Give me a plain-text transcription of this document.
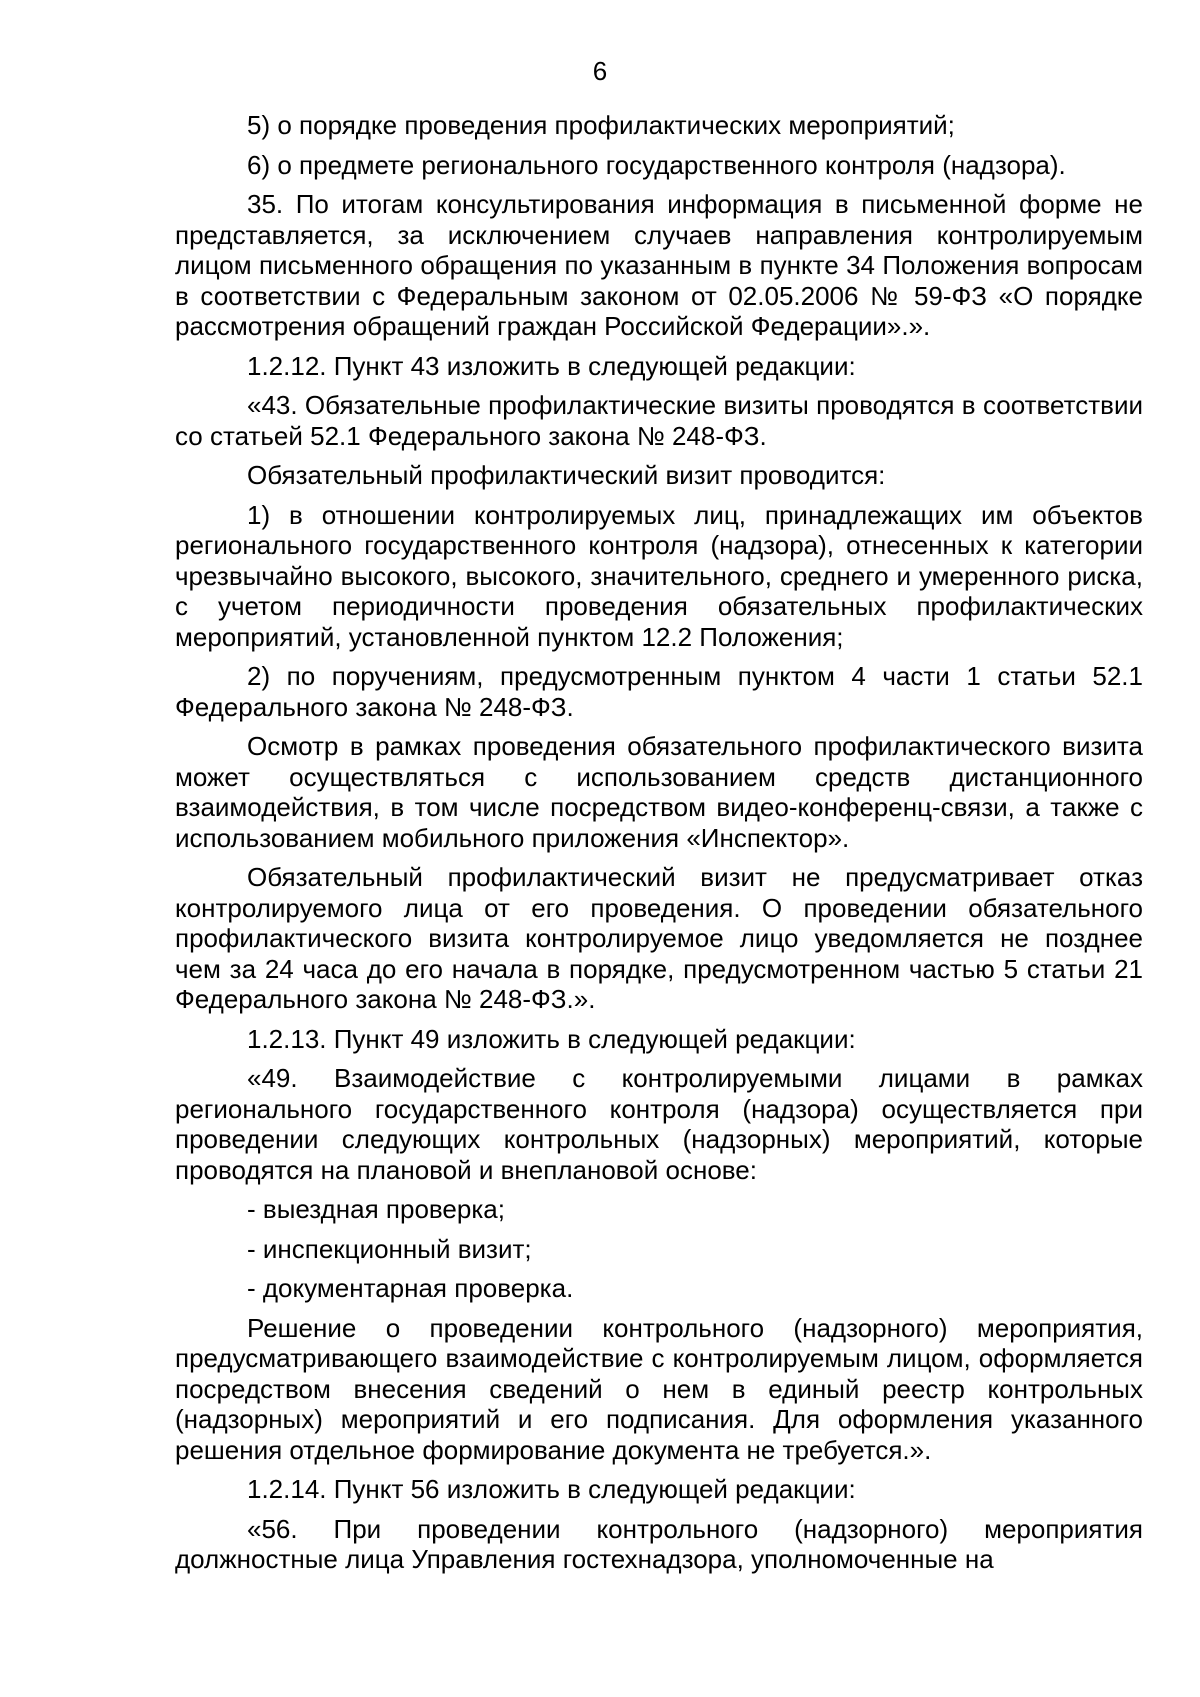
6

5) о порядке проведения профилактических мероприятий;

6) о предмете регионального государственного контроля (надзора).

35. По итогам консультирования информация в письменной форме не представляется, за исключением случаев направления контролируемым лицом письменного обращения по указанным в пункте 34 Положения вопросам в соответствии с Федеральным законом от 02.05.2006 № 59-ФЗ «О порядке рассмотрения обращений граждан Российской Федерации».».

1.2.12. Пункт 43 изложить в следующей редакции:

«43. Обязательные профилактические визиты проводятся в соответствии со статьей 52.1 Федерального закона № 248-ФЗ.

Обязательный профилактический визит проводится:

1) в отношении контролируемых лиц, принадлежащих им объектов регионального государственного контроля (надзора), отнесенных к категории чрезвычайно высокого, высокого, значительного, среднего и умеренного риска, с учетом периодичности проведения обязательных профилактических мероприятий, установленной пунктом 12.2 Положения;

2) по поручениям, предусмотренным пунктом 4 части 1 статьи 52.1 Федерального закона № 248-ФЗ.

Осмотр в рамках проведения обязательного профилактического визита может осуществляться с использованием средств дистанционного взаимодействия, в том числе посредством видео-конференц-связи, а также с использованием мобильного приложения «Инспектор».

Обязательный профилактический визит не предусматривает отказ контролируемого лица от его проведения. О проведении обязательного профилактического визита контролируемое лицо уведомляется не позднее чем за 24 часа до его начала в порядке, предусмотренном частью 5 статьи 21 Федерального закона № 248-ФЗ.».

1.2.13. Пункт 49 изложить в следующей редакции:

«49. Взаимодействие с контролируемыми лицами в рамках регионального государственного контроля (надзора) осуществляется при проведении следующих контрольных (надзорных) мероприятий, которые проводятся на плановой и внеплановой основе:

- выездная проверка;

- инспекционный визит;

- документарная проверка.

Решение о проведении контрольного (надзорного) мероприятия, предусматривающего взаимодействие с контролируемым лицом, оформляется посредством внесения сведений о нем в единый реестр контрольных (надзорных) мероприятий и его подписания. Для оформления указанного решения отдельное формирование документа не требуется.».

1.2.14. Пункт 56 изложить в следующей редакции:

«56. При проведении контрольного (надзорного) мероприятия должностные лица Управления гостехнадзора, уполномоченные на
